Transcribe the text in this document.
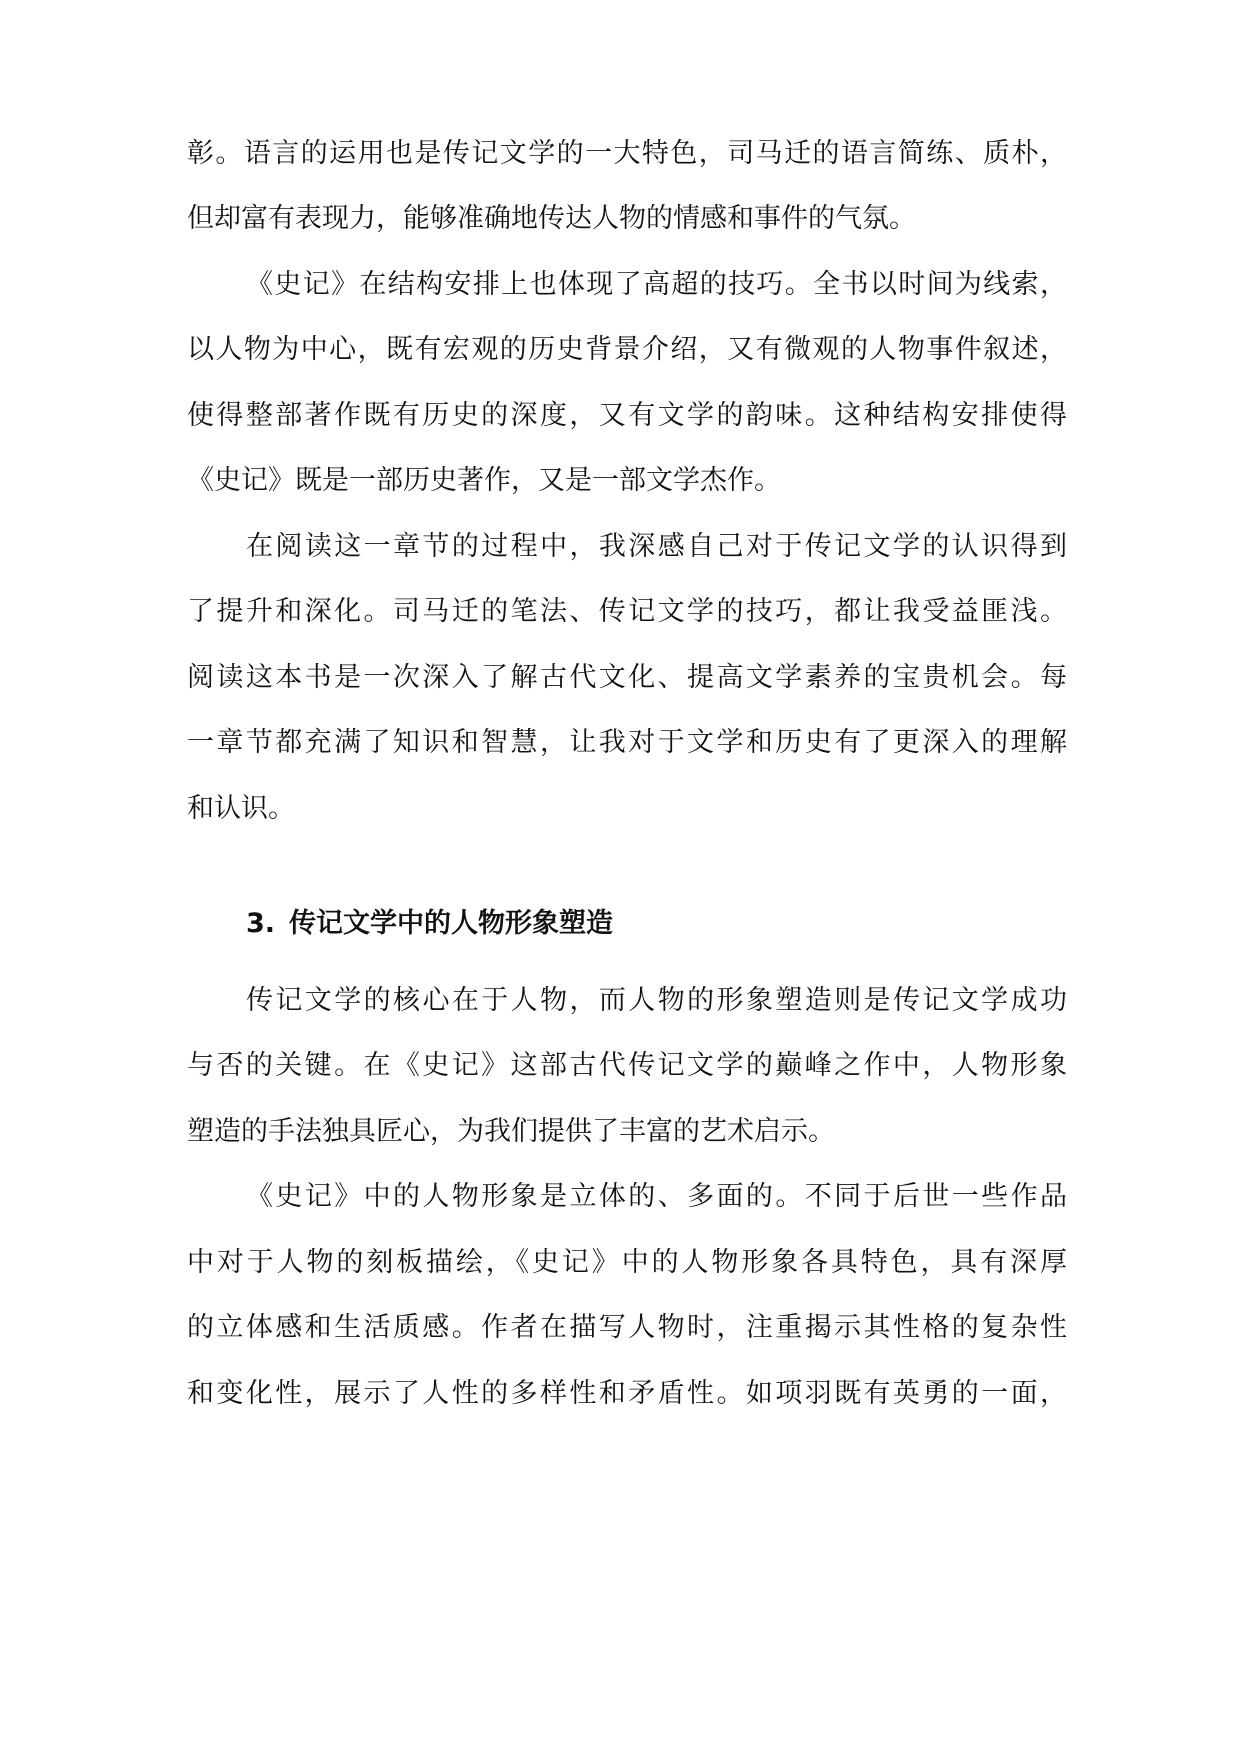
彰。语言的运用也是传记文学的一大特色，司马迁的语言简练、质朴，
但却富有表现力，能够准确地传达人物的情感和事件的气氛。
《史记》在结构安排上也体现了高超的技巧。全书以时间为线索，
以人物为中心，既有宏观的历史背景介绍，又有微观的人物事件叙述，
使得整部著作既有历史的深度，又有文学的韵味。这种结构安排使得
《史记》既是一部历史著作，又是一部文学杰作。
在阅读这一章节的过程中，我深感自己对于传记文学的认识得到
了提升和深化。司马迁的笔法、传记文学的技巧，都让我受益匪浅。
阅读这本书是一次深入了解古代文化、提高文学素养的宝贵机会。每
一章节都充满了知识和智慧，让我对于文学和历史有了更深入的理解
和认识。
3. 传记文学中的人物形象塑造
传记文学的核心在于人物，而人物的形象塑造则是传记文学成功
与否的关键。在《史记》这部古代传记文学的巅峰之作中，人物形象
塑造的手法独具匠心，为我们提供了丰富的艺术启示。
《史记》中的人物形象是立体的、多面的。不同于后世一些作品
中对于人物的刻板描绘，《史记》中的人物形象各具特色，具有深厚
的立体感和生活质感。作者在描写人物时，注重揭示其性格的复杂性
和变化性，展示了人性的多样性和矛盾性。如项羽既有英勇的一面，
